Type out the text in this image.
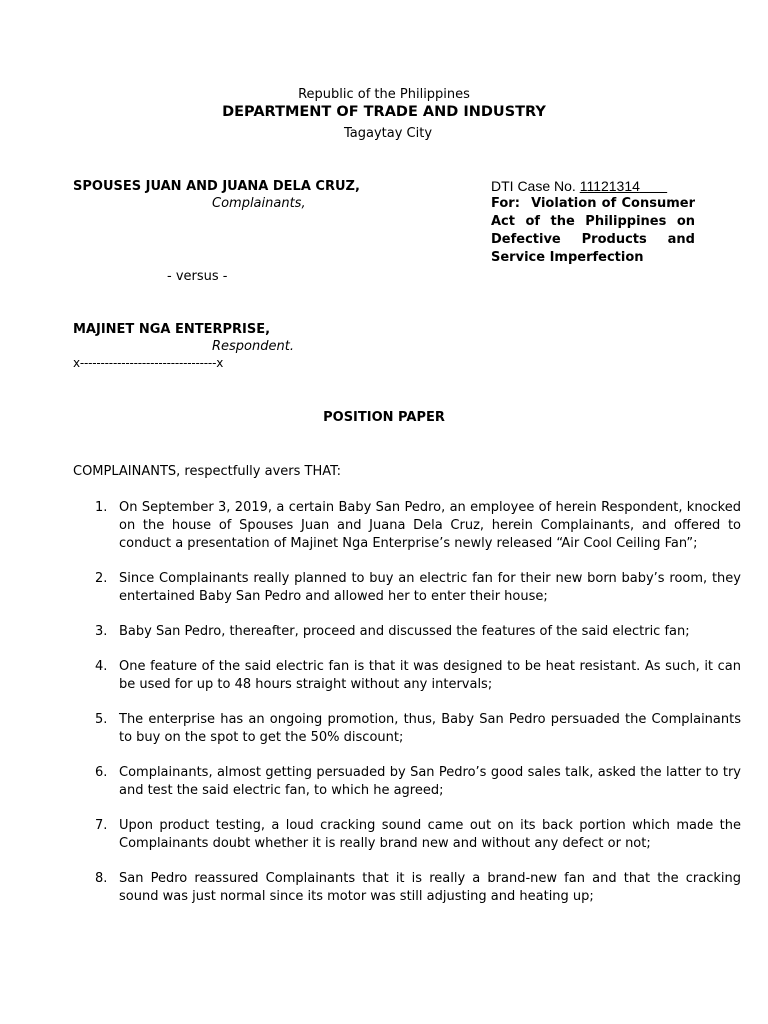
Republic of the Philippines
DEPARTMENT OF TRADE AND INDUSTRY
Tagaytay City
SPOUSES JUAN AND JUANA DELA CRUZ,
Complainants,
- versus -
MAJINET NGA ENTERPRISE,
Respondent.
x---------------------------------x
DTI Case No. 11121314
For: Violation of Consumer Act of the Philippines on Defective Products and Service Imperfection
POSITION PAPER
COMPLAINANTS, respectfully avers THAT:
1. On September 3, 2019, a certain Baby San Pedro, an employee of herein Respondent, knocked on the house of Spouses Juan and Juana Dela Cruz, herein Complainants, and offered to conduct a presentation of Majinet Nga Enterprise’s newly released “Air Cool Ceiling Fan”;
2. Since Complainants really planned to buy an electric fan for their new born baby’s room, they entertained Baby San Pedro and allowed her to enter their house;
3. Baby San Pedro, thereafter, proceed and discussed the features of the said electric fan;
4. One feature of the said electric fan is that it was designed to be heat resistant. As such, it can be used for up to 48 hours straight without any intervals;
5. The enterprise has an ongoing promotion, thus, Baby San Pedro persuaded the Complainants to buy on the spot to get the 50% discount;
6. Complainants, almost getting persuaded by San Pedro’s good sales talk, asked the latter to try and test the said electric fan, to which he agreed;
7. Upon product testing, a loud cracking sound came out on its back portion which made the Complainants doubt whether it is really brand new and without any defect or not;
8. San Pedro reassured Complainants that it is really a brand-new fan and that the cracking sound was just normal since its motor was still adjusting and heating up;
